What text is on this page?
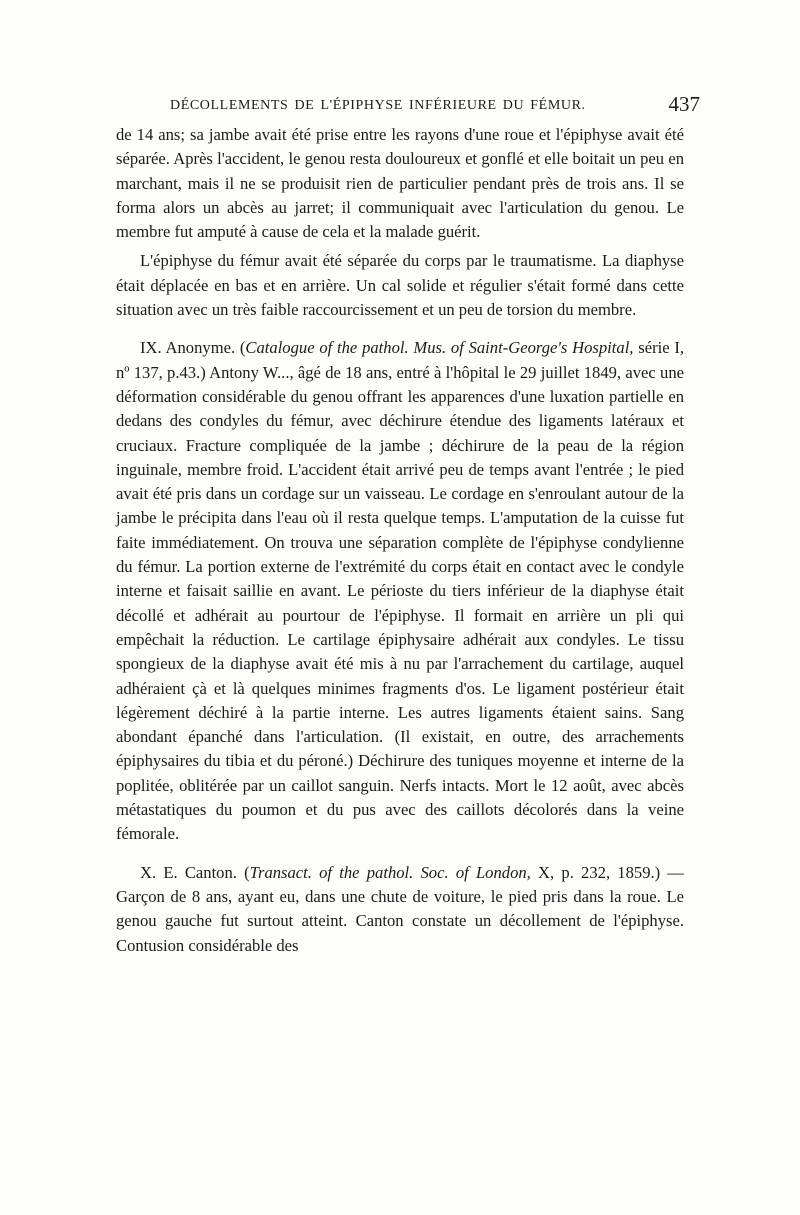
DÉCOLLEMENTS DE L'ÉPIPHYSE INFÉRIEURE DU FÉMUR.	437

de 14 ans; sa jambe avait été prise entre les rayons d'une roue et l'épiphyse avait été séparée. Après l'accident, le genou resta douloureux et gonflé et elle boitait un peu en marchant, mais il ne se produisit rien de particulier pendant près de trois ans. Il se forma alors un abcès au jarret; il communiquait avec l'articulation du genou. Le membre fut amputé à cause de cela et la malade guérit.

L'épiphyse du fémur avait été séparée du corps par le traumatisme. La diaphyse était déplacée en bas et en arrière. Un cal solide et régulier s'était formé dans cette situation avec un très faible raccourcissement et un peu de torsion du membre.

IX. Anonyme. (Catalogue of the pathol. Mus. of Saint-George's Hospital, série I, nº 137, p.43.) Antony W..., âgé de 18 ans, entré à l'hôpital le 29 juillet 1849, avec une déformation considérable du genou offrant les apparences d'une luxation partielle en dedans des condyles du fémur, avec déchirure étendue des ligaments latéraux et cruciaux. Fracture compliquée de la jambe ; déchirure de la peau de la région inguinale, membre froid. L'accident était arrivé peu de temps avant l'entrée ; le pied avait été pris dans un cordage sur un vaisseau. Le cordage en s'enroulant autour de la jambe le précipita dans l'eau où il resta quelque temps. L'amputation de la cuisse fut faite immédiatement. On trouva une séparation complète de l'épiphyse condylienne du fémur. La portion externe de l'extrémité du corps était en contact avec le condyle interne et faisait saillie en avant. Le périoste du tiers inférieur de la diaphyse était décollé et adhérait au pourtour de l'épiphyse. Il formait en arrière un pli qui empêchait la réduction. Le cartilage épiphysaire adhérait aux condyles. Le tissu spongieux de la diaphyse avait été mis à nu par l'arrachement du cartilage, auquel adhéraient çà et là quelques minimes fragments d'os. Le ligament postérieur était légèrement déchiré à la partie interne. Les autres ligaments étaient sains. Sang abondant épanché dans l'articulation. (Il existait, en outre, des arrachements épiphysaires du tibia et du péroné.) Déchirure des tuniques moyenne et interne de la poplitée, oblitérée par un caillot sanguin. Nerfs intacts. Mort le 12 août, avec abcès métastatiques du poumon et du pus avec des caillots décolorés dans la veine fémorale.

X. E. Canton. (Transact. of the pathol. Soc. of London, X, p. 232, 1859.) — Garçon de 8 ans, ayant eu, dans une chute de voiture, le pied pris dans la roue. Le genou gauche fut surtout atteint. Canton constate un décollement de l'épiphyse. Contusion considérable des
